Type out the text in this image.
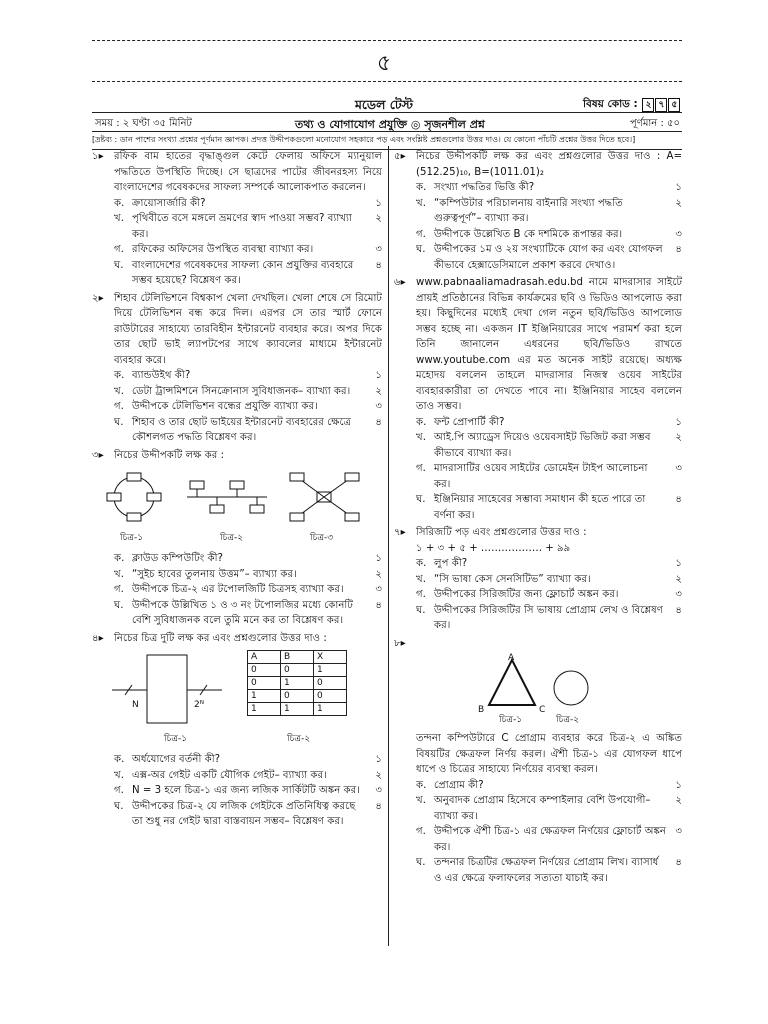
৫
মডেল টেস্ট	বিষয় কোড : ২ ৭ ৫
সময় : ২ ঘণ্টা ৩৫ মিনিট	তথ্য ও যোগাযোগ প্রযুক্তি ◎ সৃজনশীল প্রশ্ন	পূর্ণমান : ৫০
[দ্রষ্টব্য : ডান পাশের সংখ্যা প্রশ্নের পূর্ণমান জ্ঞাপক। প্রদত্ত উদ্দীপকগুলো মনোযোগ সহকারে পড় এবং সংশ্লিষ্ট প্রশ্নগুলোর উত্তর দাও। যে কোনো পাঁচটি প্রশ্নের উত্তর দিতে হবে।]
১▸	রফিক বাম হাতের বৃদ্ধাঙ্গুল কেটে ফেলায় অফিসে ম্যানুয়াল পদ্ধতিতে উপস্থিতি দিচ্ছে। সে ছাত্রদের পাটের জীবনরহস্য নিয়ে বাংলাদেশের গবেষকদের সাফল্য সম্পর্কে আলোকপাত করলেন।
ক. ক্রায়োসার্জারি কী?	১
খ. পৃথিবীতে বসে মঙ্গলে ভ্রমণের স্বাদ পাওয়া সম্ভব? ব্যাখ্যা কর।
২
গ. রফিকের অফিসের উপস্থিত ব্যবস্থা ব্যাখ্যা কর।	৩
ঘ. বাংলাদেশের গবেষকদের সাফল্য কোন প্রযুক্তির ব্যবহারে সম্ভব হয়েছে? বিশ্লেষণ কর।
৪
২▸	শিহাব টেলিভিশনে বিশ্বকাপ খেলা দেখছিল। খেলা শেষে সে রিমোট দিয়ে টেলিভিশন বন্ধ করে দিল। এরপর সে তার স্মার্ট ফোনে রাউটারের সাহায্যে তারবিহীন ইন্টারনেট ব্যবহার করে। অপর দিকে তার ছোট ভাই ল্যাপটপের সাথে ক্যাবলের মাধ্যমে ইন্টারনেট ব্যবহার করে।
ক. ব্যান্ডউইথ কী?	১
খ. ডেটা ট্রান্সমিশনে সিনক্রোনাস সুবিধাজনক– ব্যাখ্যা কর।	২
গ. উদ্দীপকে টেলিভিশন বন্ধের প্রযুক্তি ব্যাখ্যা কর।	৩
ঘ. শিহাব ও তার ছোট ভাইয়ের ইন্টারনেট ব্যবহারের ক্ষেত্রে কৌশলগত পদ্ধতি বিশ্লেষণ কর।
৪
৩▸	নিচের উদ্দীপকটি লক্ষ কর :
চিত্র-১	চিত্র-২	চিত্র-৩
ক. ক্লাউড কম্পিউটিং কী?	১
খ. “সুইচ হাবের তুলনায় উত্তম”– ব্যাখ্যা কর।	২
গ. উদ্দীপকে চিত্র-২ এর টপোলজিটি চিত্রসহ ব্যাখ্যা কর।	৩
ঘ. উদ্দীপকে উল্লিখিত ১ ও ৩ নং টপোলজির মধ্যে কোনটি বেশি সুবিধাজনক বলে তুমি মনে কর তা বিশ্লেষণ কর।
৪
৪▸	নিচের চিত্র দুটি লক্ষ কর এবং প্রশ্নগুলোর উত্তর দাও :
N	2ᴺ
A	B	X
0	0	1
0	1	0
1	0	0
1	1	1
চিত্র-১	চিত্র-২
ক. অর্ধযোগের বর্তনী কী?	১
খ. এক্স-অর গেইট একটি যৌগিক গেইট– ব্যাখ্যা কর।	২
গ. N = 3 হলে চিত্র-১ এর জন্য লজিক সার্কিটটি অঙ্কন কর।	৩
ঘ. উদ্দীপকের চিত্র-২ যে লজিক গেইটকে প্রতিনিধিত্ব করছে তা শুধু নর গেইট দ্বারা বাস্তবায়ন সম্ভব– বিশ্লেষণ কর।
৪
৫▸	নিচের উদ্দীপকটি লক্ষ কর এবং প্রশ্নগুলোর উত্তর দাও : A=(512.25)₁₀, B=(1011.01)₂
ক. সংখ্যা পদ্ধতির ভিত্তি কী?	১
খ. “কম্পিউটার পরিচালনায় বাইনারি সংখ্যা পদ্ধতি গুরুত্বপূর্ণ”– ব্যাখ্যা কর।
২
গ. উদ্দীপকে উল্লেখিত B কে দশমিকে রূপান্তর কর।	৩
ঘ. উদ্দীপকের ১ম ও ২য় সংখ্যাটিকে যোগ কর এবং যোগফল কীভাবে হেক্সাডেসিমালে প্রকাশ করবে দেখাও।
৪
৬▸	www.pabnaaliamadrasah.edu.bd নামে মাদরাসার সাইটে প্রায়ই প্রতিষ্ঠানের বিভিন্ন কার্যক্রমের ছবি ও ভিডিও আপলোড করা হয়। কিছুদিনের মধ্যেই দেখা গেল নতুন ছবি/ভিডিও আপলোড সম্ভব হচ্ছে না। একজন IT ইঞ্জিনিয়ারের সাথে পরামর্শ করা হলে তিনি জানালেন এধরনের ছবি/ভিডিও রাখতে www.youtube.com এর মত অনেক সাইট রয়েছে। অধ্যক্ষ মহোদয় বললেন তাহলে মাদরাসার নিজস্ব ওয়েব সাইটের ব্যবহারকারীরা তা দেখতে পাবে না। ইঞ্জিনিয়ার সাহেব বললেন তাও সম্ভব।
ক. ফন্ট প্রোপার্টি কী?	১
খ. আই.পি অ্যাড্রেস দিয়েও ওয়েবসাইট ভিজিট করা সম্ভব কীভাবে ব্যাখ্যা কর।
২
গ. মাদরাসাটির ওয়েব সাইটের ডোমেইন টাইপ আলোচনা কর।
৩
ঘ. ইঞ্জিনিয়ার সাহেবের সম্ভাব্য সমাধান কী হতে পারে তা বর্ণনা কর।
৪
৭▸	সিরিজটি পড় এবং প্রশ্নগুলোর উত্তর দাও :
১ + ৩ + ৫ + ……………… + ৯৯
ক. লুপ কী?	১
খ. “সি ভাষা কেস সেনসিটিভ” ব্যাখ্যা কর।	২
গ. উদ্দীপকের সিরিজটির জন্য ফ্লোচার্ট অঙ্কন কর।	৩
ঘ. উদ্দীপকের সিরিজটির সি ভাষায় প্রোগ্রাম লেখ ও বিশ্লেষণ কর।
৪
৮▸
A
B	C
চিত্র-১	চিত্র-২
তন্দনা কম্পিউটারে C প্রোগ্রাম ব্যবহার করে চিত্র-২ এ অঙ্কিত বিষয়টির ক্ষেত্রফল নির্ণয় করল। ঐশী চিত্র-১ এর যোগফল ধাপে ধাপে ও চিত্রের সাহায্যে নির্ণয়ের ব্যবস্থা করল।
ক. প্রোগ্রাম কী?	১
খ. অনুবাদক প্রোগ্রাম হিসেবে কম্পাইলার বেশি উপযোগী– ব্যাখ্যা কর।
২
গ. উদ্দীপকে ঐশী চিত্র-১ এর ক্ষেত্রফল নির্ণয়ের ফ্লোচার্ট অঙ্কন কর।
৩
ঘ. তন্দনার চিত্রটির ক্ষেত্রফল নির্ণয়ের প্রোগ্রাম লিখ। ব্যাসার্ধ ও এর ক্ষেত্রে ফলাফলের সত্যতা যাচাই কর।
৪
